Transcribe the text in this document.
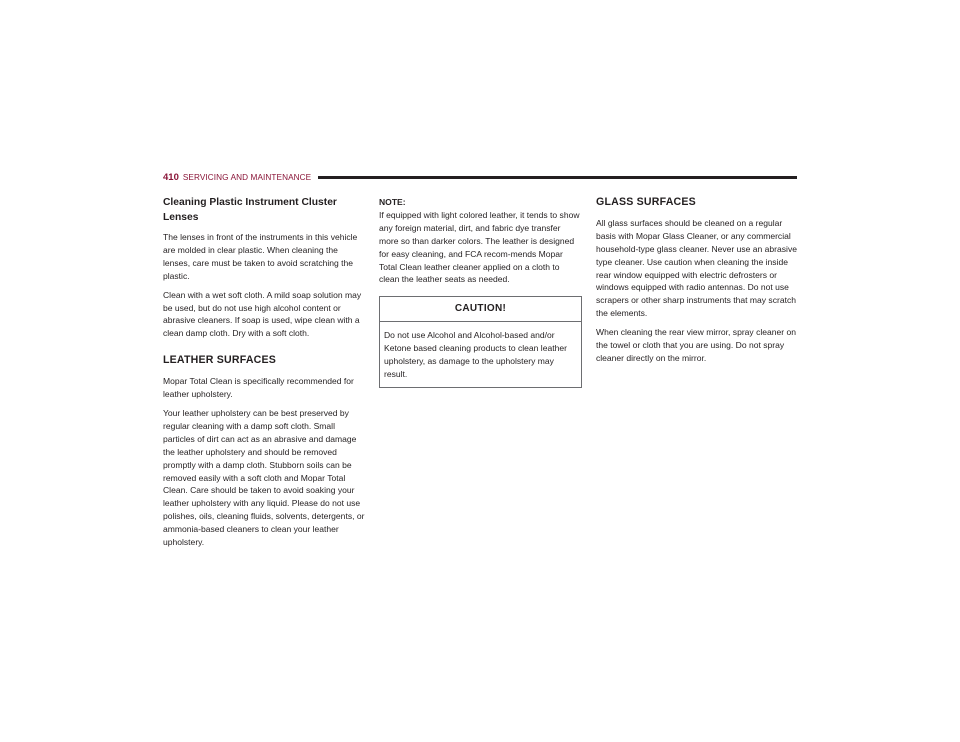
410 SERVICING AND MAINTENANCE
Cleaning Plastic Instrument Cluster Lenses

The lenses in front of the instruments in this vehicle are molded in clear plastic. When cleaning the lenses, care must be taken to avoid scratching the plastic.

Clean with a wet soft cloth. A mild soap solution may be used, but do not use high alcohol content or abrasive cleaners. If soap is used, wipe clean with a clean damp cloth. Dry with a soft cloth.

LEATHER SURFACES

Mopar Total Clean is specifically recommended for leather upholstery.

Your leather upholstery can be best preserved by regular cleaning with a damp soft cloth. Small particles of dirt can act as an abrasive and damage the leather upholstery and should be removed promptly with a damp cloth. Stubborn soils can be removed easily with a soft cloth and Mopar Total Clean. Care should be taken to avoid soaking your leather upholstery with any liquid. Please do not use polishes, oils, cleaning fluids, solvents, detergents, or ammonia-based cleaners to clean your leather upholstery.

NOTE:

If equipped with light colored leather, it tends to show any foreign material, dirt, and fabric dye transfer more so than darker colors. The leather is designed for easy cleaning, and FCA recom-mends Mopar Total Clean leather cleaner applied on a cloth to clean the leather seats as needed.

CAUTION!
Do not use Alcohol and Alcohol-based and/or Ketone based cleaning products to clean leather upholstery, as damage to the upholstery may result.
GLASS SURFACES

All glass surfaces should be cleaned on a regular basis with Mopar Glass Cleaner, or any commercial household-type glass cleaner. Never use an abrasive type cleaner. Use caution when cleaning the inside rear window equipped with electric defrosters or windows equipped with radio antennas. Do not use scrapers or other sharp instruments that may scratch the elements.

When cleaning the rear view mirror, spray cleaner on the towel or cloth that you are using. Do not spray cleaner directly on the mirror.
